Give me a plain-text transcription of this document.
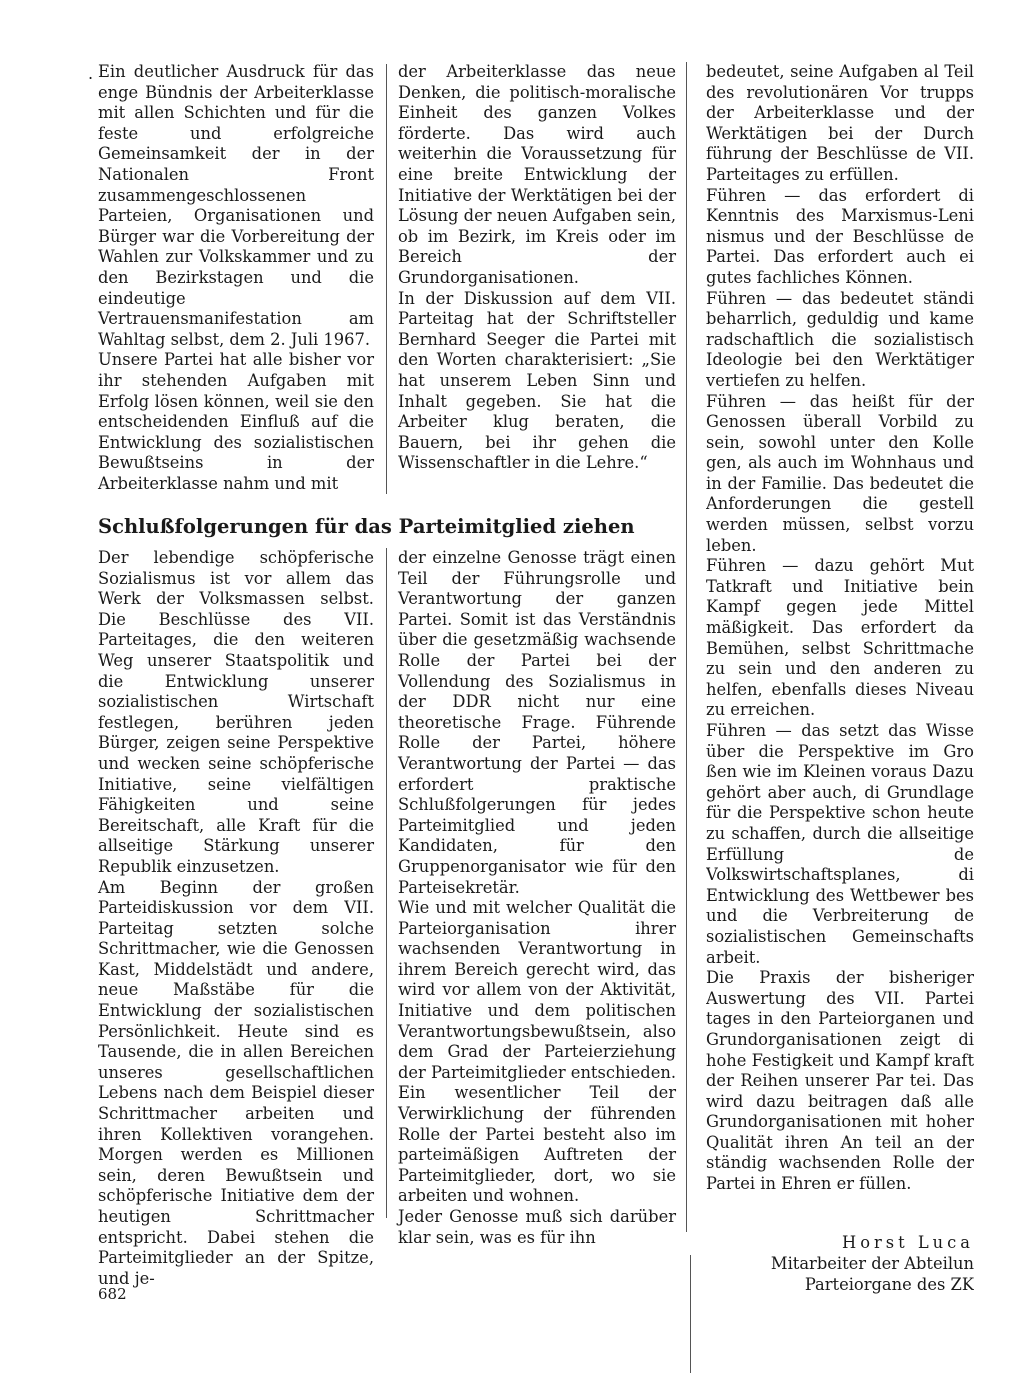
. Ein deutlicher Ausdruck für das enge Bündnis der Arbeiterklasse mit allen Schichten und für die feste und erfolgreiche Gemeinsamkeit der in der Nationalen Front zusammengeschlossenen Parteien, Organisationen und Bürger war die Vorbereitung der Wahlen zur Volkskammer und zu den Bezirkstagen und die eindeutige Vertrauensmanifestation am Wahltag selbst, dem 2. Juli 1967.

Unsere Partei hat alle bisher vor ihr stehenden Aufgaben mit Erfolg lösen können, weil sie den entscheidenden Einfluß auf die Entwicklung des sozialistischen Bewußtseins in der Arbeiterklasse nahm und mit

der Arbeiterklasse das neue Denken, die politisch-moralische Einheit des ganzen Volkes förderte. Das wird auch weiterhin die Voraussetzung für eine breite Entwicklung der Initiative der Werktätigen bei der Lösung der neuen Aufgaben sein, ob im Bezirk, im Kreis oder im Bereich der Grundorganisationen.

In der Diskussion auf dem VII. Parteitag hat der Schriftsteller Bernhard Seeger die Partei mit den Worten charakterisiert: „Sie hat unserem Leben Sinn und Inhalt gegeben. Sie hat die Arbeiter klug beraten, die Bauern, bei ihr gehen die Wissenschaftler in die Lehre.“

Schlußfolgerungen für das Parteimitglied ziehen

Der lebendige schöpferische Sozialismus ist vor allem das Werk der Volksmassen selbst. Die Beschlüsse des VII. Parteitages, die den weiteren Weg unserer Staatspolitik und die Entwicklung unserer sozialistischen Wirtschaft festlegen, berühren jeden Bürger, zeigen seine Perspektive und wecken seine schöpferische Initiative, seine vielfältigen Fähigkeiten und seine Bereitschaft, alle Kraft für die allseitige Stärkung unserer Republik einzusetzen.

Am Beginn der großen Parteidiskussion vor dem VII. Parteitag setzten solche Schrittmacher, wie die Genossen Kast, Middelstädt und andere, neue Maßstäbe für die Entwicklung der sozialistischen Persönlichkeit. Heute sind es Tausende, die in allen Bereichen unseres gesellschaftlichen Lebens nach dem Beispiel dieser Schrittmacher arbeiten und ihren Kollektiven vorangehen. Morgen werden es Millionen sein, deren Bewußtsein und schöpferische Initiative dem der heutigen Schrittmacher entspricht. Dabei stehen die Parteimitglieder an der Spitze, und je-

der einzelne Genosse trägt einen Teil der Führungsrolle und Verantwortung der ganzen Partei. Somit ist das Verständnis über die gesetzmäßig wachsende Rolle der Partei bei der Vollendung des Sozialismus in der DDR nicht nur eine theoretische Frage. Führende Rolle der Partei, höhere Verantwortung der Partei — das erfordert praktische Schlußfolgerungen für jedes Parteimitglied und jeden Kandidaten, für den Gruppenorganisator wie für den Parteisekretär.

Wie und mit welcher Qualität die Parteiorganisation ihrer wachsenden Verantwortung in ihrem Bereich gerecht wird, das wird vor allem von der Aktivität, Initiative und dem politischen Verantwortungsbewußtsein, also dem Grad der Parteierziehung der Parteimitglieder entschieden. Ein wesentlicher Teil der Verwirklichung der führenden Rolle der Partei besteht also im parteimäßigen Auftreten der Parteimitglieder, dort, wo sie arbeiten und wohnen.

Jeder Genosse muß sich darüber klar sein, was es für ihn

bedeutet, seine Aufgaben al Teil des revolutionären Vor trupps der Arbeiterklasse und der Werktätigen bei der Durch führung der Beschlüsse de VII. Parteitages zu erfüllen.

Führen — das erfordert di Kenntnis des Marxismus-Leni nismus und der Beschlüsse de Partei. Das erfordert auch ei gutes fachliches Können.

Führen — das bedeutet ständi beharrlich, geduldig und kame radschaftlich die sozialistisch Ideologie bei den Werktätiger vertiefen zu helfen.

Führen — das heißt für der Genossen überall Vorbild zu sein, sowohl unter den Kolle gen, als auch im Wohnhaus und in der Familie. Das bedeutet die Anforderungen die gestell werden müssen, selbst vorzu leben.

Führen — dazu gehört Mut Tatkraft und Initiative bein Kampf gegen jede Mittel mäßigkeit. Das erfordert da Bemühen, selbst Schrittmache zu sein und den anderen zu helfen, ebenfalls dieses Niveau zu erreichen.

Führen — das setzt das Wisse über die Perspektive im Gro ßen wie im Kleinen voraus Dazu gehört aber auch, di Grundlage für die Perspektive schon heute zu schaffen, durch die allseitige Erfüllung de Volkswirtschaftsplanes, di Entwicklung des Wettbewer bes und die Verbreiterung de sozialistischen Gemeinschafts arbeit.

Die Praxis der bisheriger Auswertung des VII. Partei tages in den Parteiorganen und Grundorganisationen zeigt di hohe Festigkeit und Kampf kraft der Reihen unserer Par tei. Das wird dazu beitragen daß alle Grundorganisationen mit hoher Qualität ihren An teil an der ständig wachsenden Rolle der Partei in Ehren er füllen.

Horst Luca
Mitarbeiter der Abteilun
Parteiorgane des ZK
682
